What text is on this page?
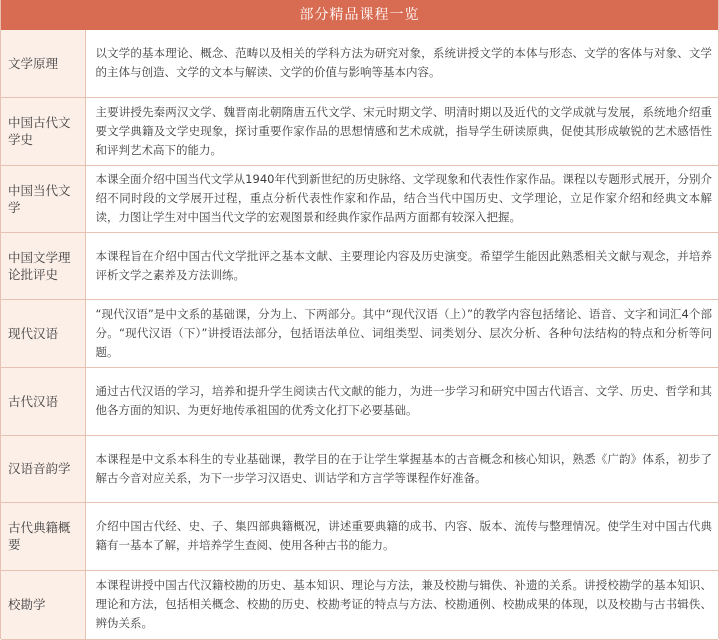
部分精品课程一览
文学原理	以文学的基本理论、概念、范畴以及相关的学科方法为研究对象，系统讲授文学的本体与形态、文学的客体与对象、文学的主体与创造、文学的文本与解读、文学的价值与影响等基本内容。
中国古代文学史	主要讲授先秦两汉文学、魏晋南北朝隋唐五代文学、宋元时期文学、明清时期以及近代的文学成就与发展，系统地介绍重要文学典籍及文学史现象，探讨重要作家作品的思想情感和艺术成就，指导学生研读原典，促使其形成敏锐的艺术感悟性和评判艺术高下的能力。
中国当代文学	本课全面介绍中国当代文学从1940年代到新世纪的历史脉络、文学现象和代表性作家作品。课程以专题形式展开，分别介绍不同时段的文学展开过程，重点分析代表性作家和作品，结合当代中国历史、文学理论，立足作家介绍和经典文本解读，力图让学生对中国当代文学的宏观图景和经典作家作品两方面都有较深入把握。
中国文学理论批评史	本课程旨在介绍中国古代文学批评之基本文献、主要理论内容及历史演变。希望学生能因此熟悉相关文献与观念，并培养评析文学之素养及方法训练。
现代汉语	“现代汉语”是中文系的基础课，分为上、下两部分。其中“现代汉语（上）”的教学内容包括绪论、语音、文字和词汇4个部分。“现代汉语（下）”讲授语法部分，包括语法单位、词组类型、词类划分、层次分析、各种句法结构的特点和分析等问题。
古代汉语	通过古代汉语的学习，培养和提升学生阅读古代文献的能力，为进一步学习和研究中国古代语言、文学、历史、哲学和其他各方面的知识、为更好地传承祖国的优秀文化打下必要基础。
汉语音韵学	本课程是中文系本科生的专业基础课，教学目的在于让学生掌握基本的古音概念和核心知识，熟悉《广韵》体系，初步了解古今音对应关系，为下一步学习汉语史、训诂学和方言学等课程作好准备。
古代典籍概要	介绍中国古代经、史、子、集四部典籍概况，讲述重要典籍的成书、内容、版本、流传与整理情况。使学生对中国古代典籍有一基本了解，并培养学生查阅、使用各种古书的能力。
校勘学	本课程讲授中国古代汉籍校勘的历史、基本知识、理论与方法，兼及校勘与辑佚、补遗的关系。讲授校勘学的基本知识、理论和方法，包括相关概念、校勘的历史、校勘考证的特点与方法、校勘通例、校勘成果的体现，以及校勘与古书辑佚、辨伪关系。
